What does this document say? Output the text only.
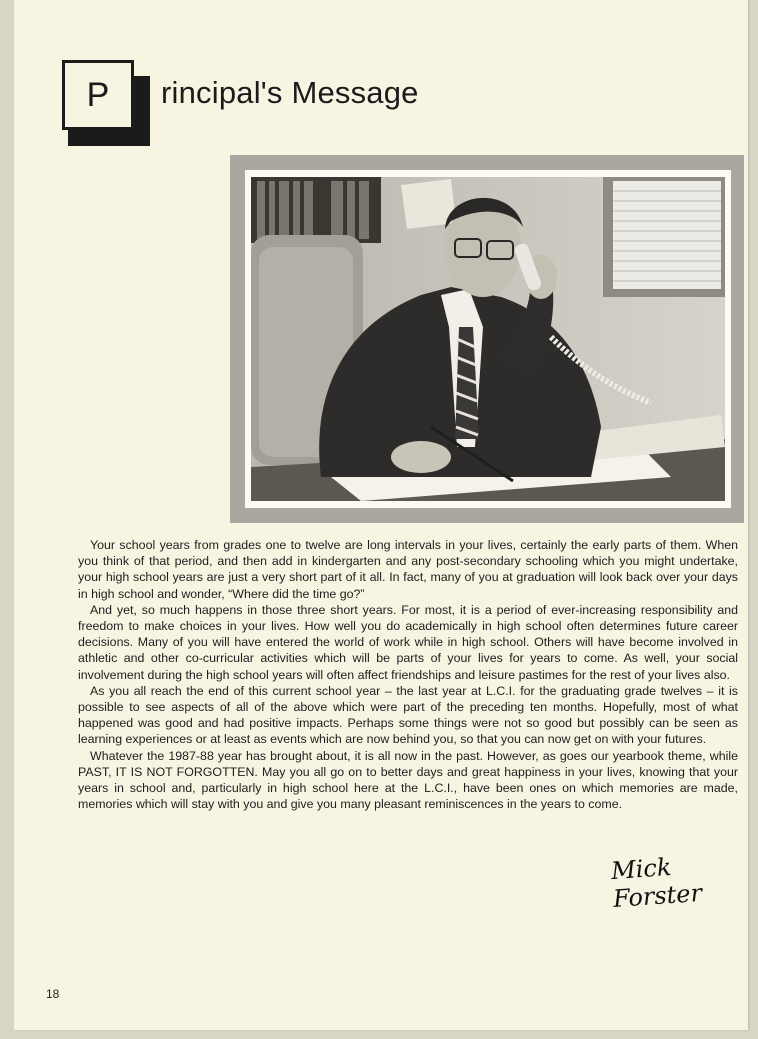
P	rincipal's Message

Your school years from grades one to twelve are long intervals in your lives, certainly the early parts of them. When you think of that period, and then add in kindergarten and any post-secondary schooling which you might undertake, your high school years are just a very short part of it all. In fact, many of you at graduation will look back over your days in high school and wonder, “Where did the time go?”

And yet, so much happens in those three short years. For most, it is a period of ever-increasing responsibility and freedom to make choices in your lives. How well you do academically in high school often determines future career decisions. Many of you will have entered the world of work while in high school. Others will have become involved in athletic and other co-curricular activities which will be parts of your lives for years to come. As well, your social involvement during the high school years will often affect friendships and leisure pastimes for the rest of your lives also.

As you all reach the end of this current school year – the last year at L.C.I. for the graduating grade twelves – it is possible to see aspects of all of the above which were part of the preceding ten months. Hopefully, most of what happened was good and had positive impacts. Perhaps some things were not so good but possibly can be seen as learning experiences or at least as events which are now behind you, so that you can now get on with your futures.

Whatever the 1987-88 year has brought about, it is all now in the past. However, as goes our yearbook theme, while PAST, IT IS NOT FORGOTTEN. May you all go on to better days and great happiness in your lives, knowing that your years in school and, particularly in high school here at the L.C.I., have been ones on which memories are made, memories which will stay with you and give you many pleasant reminiscences in the years to come.

Mick Forster
18
